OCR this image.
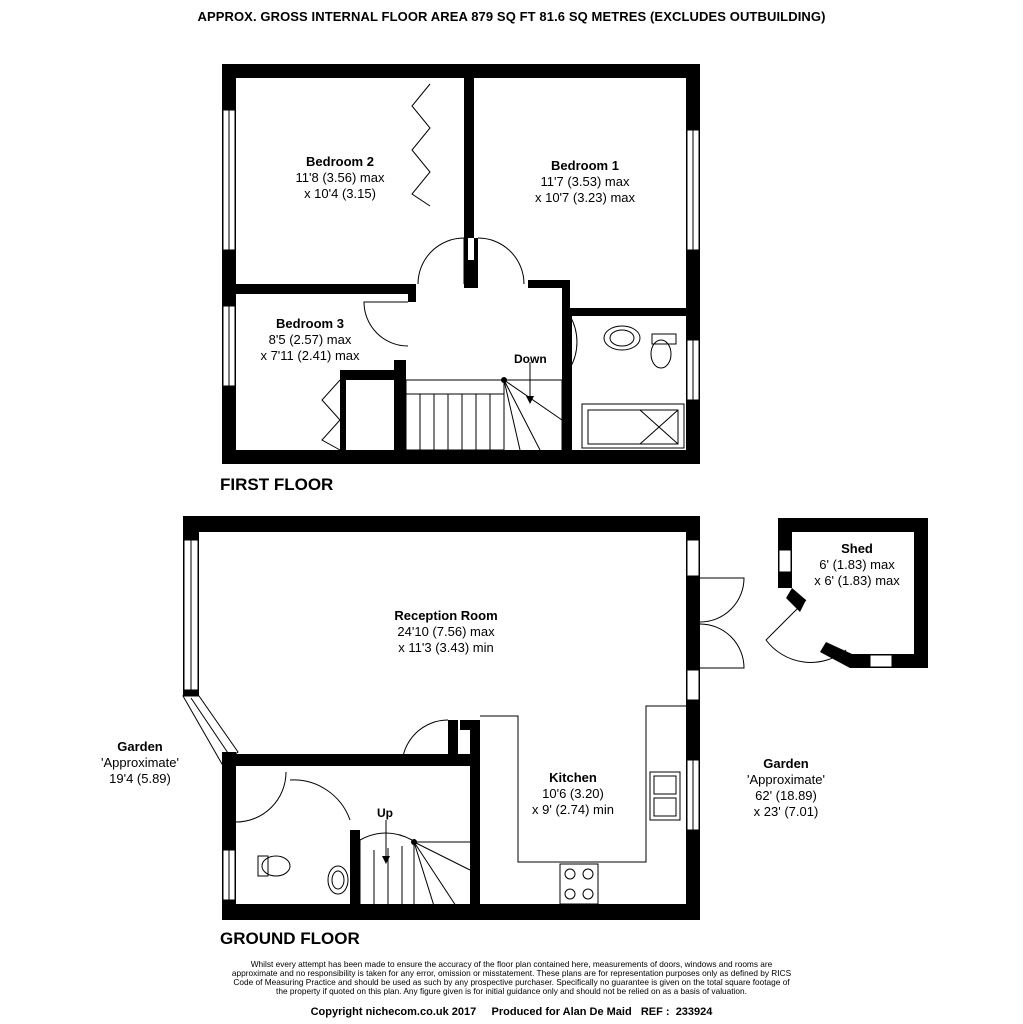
APPROX. GROSS INTERNAL FLOOR AREA 879 SQ FT 81.6 SQ METRES (EXCLUDES OUTBUILDING)
Bedroom 2
11'8 (3.56) max
x 10'4 (3.15)
Bedroom 1
11'7 (3.53) max
x 10'7 (3.23) max
Bedroom 3
8'5 (2.57) max
x 7'11 (2.41) max	Down
FIRST FLOOR
Reception Room
24'10 (7.56) max
x 11'3 (3.43) min
Kitchen
10'6 (3.20)
x 9' (2.74) min
Shed
6' (1.83) max
x 6' (1.83) max
Garden
'Approximate'
19'4 (5.89)
Garden
'Approximate'
62' (18.89)
x 23' (7.01)
Up
GROUND FLOOR
Whilst every attempt has been made to ensure the accuracy of the floor plan contained here, measurements of doors, windows and rooms are approximate and no responsibility is taken for any error, omission or misstatement. These plans are for representation purposes only as defined by RICS Code of Measuring Practice and should be used as such by any prospective purchaser. Specifically no guarantee is given on the total square footage of the property if quoted on this plan. Any figure given is for initial guidance only and should not be relied on as a basis of valuation.
Copyright nichecom.co.uk 2017     Produced for Alan De Maid   REF :  233924
